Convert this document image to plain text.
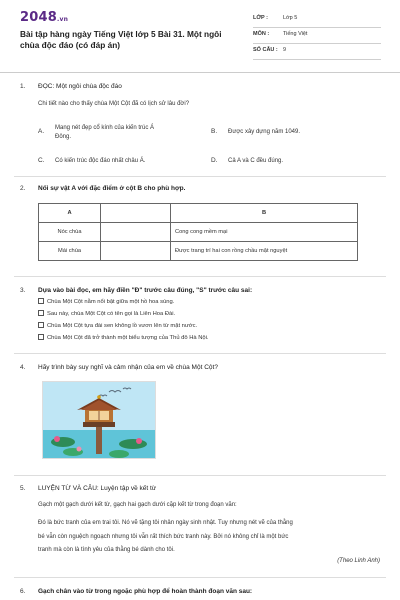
2048.vn
Bài tập hàng ngày Tiếng Việt lớp 5 Bài 31. Một ngôi chùa độc đáo (có đáp án)
LỚP :	Lớp 5
MÔN :	Tiếng Việt
SỐ CÂU : 9
1. ĐỌC: Một ngôi chùa độc đáo
Chi tiết nào cho thấy chùa Một Cột đã có lịch sử lâu đời?
A. Mang nét đẹp cổ kính của kiến trúc Á
Đông.
B. Được xây dựng năm 1049.
C. Có kiến trúc độc đáo nhất châu Á.	D. Cả A và C đều đúng.
2. Nối sự vật A với đặc điểm ở cột B cho phù hợp.
A		B
Nóc chùa		Cong cong mềm mại
Mái chùa		Được trang trí hai con rồng chầu mặt nguyệt
3. Dựa vào bài đọc, em hãy điền "Đ" trước câu đúng, "S" trước câu sai:
Chùa Một Cột nằm nổi bật giữa một hồ hoa súng.
Sau này, chùa Một Cột có tên gọi là Liên Hoa Đài.
Chùa Một Cột tựa đài sen không lồ vươn lên từ mặt nước.
Chùa Một Cột đã trở thành một biểu tượng của Thủ đô Hà Nội.
4. Hãy trình bày suy nghĩ và cảm nhận của em về chùa Một Cột?
5. LUYỆN TỪ VÀ CÂU: Luyện tập về kết từ
Gạch một gạch dưới kết từ, gạch hai gạch dưới cặp kết từ trong đoạn văn:
Đó là bức tranh của em trai tôi. Nó vẽ tặng tôi nhân ngày sinh nhật. Tuy nhưng nét vẽ của thằng
bé vẫn còn nguệch ngoạch nhưng tôi vẫn rất thích bức tranh này. Bởi nó không chỉ là một bức
tranh mà còn là tình yêu của thằng bé dành cho tôi.
(Theo Linh Anh)
6. Gạch chân vào từ trong ngoặc phù hợp để hoàn thành đoạn văn sau:
